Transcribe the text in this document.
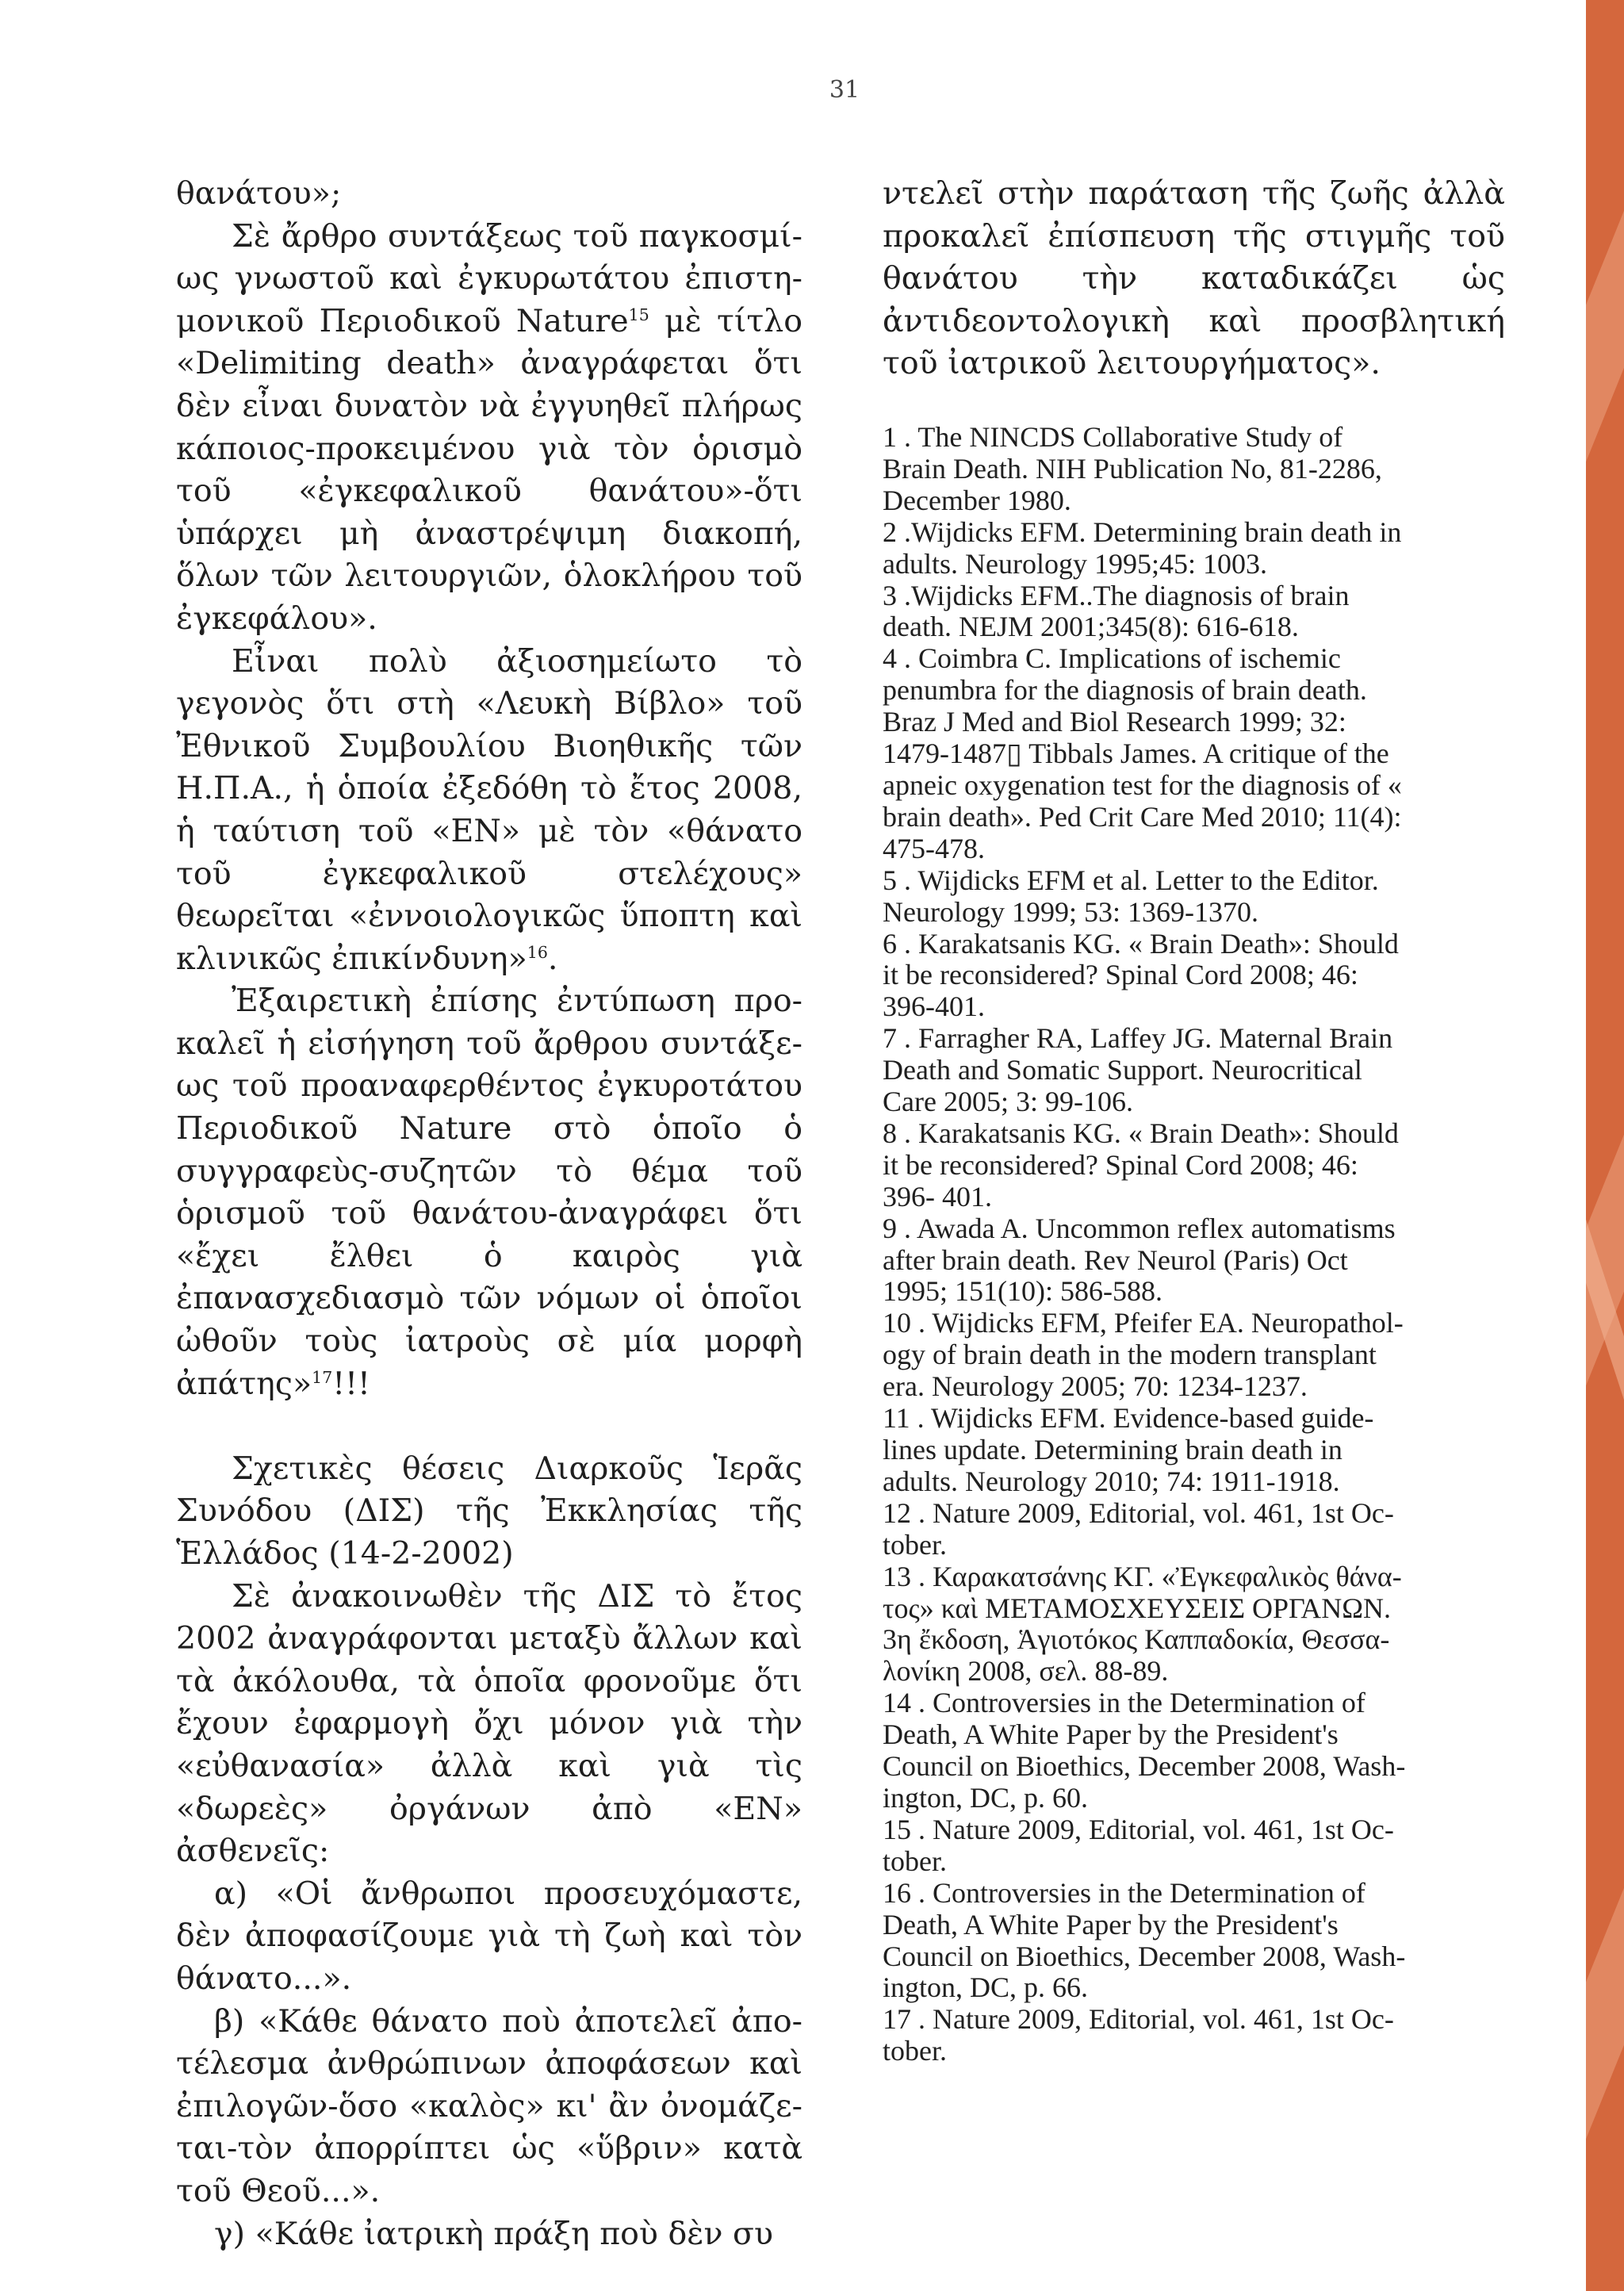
31

θανάτου»;

Σὲ ἄρθρο συντάξεως τοῦ παγκοσμίως γνωστοῦ καὶ ἐγκυρωτάτου ἐπιστημονικοῦ Περιοδικοῦ Nature$^{15}$ μὲ τίτλο «Delimiting death» ἀναγράφεται ὅτι δὲν εἶναι δυνατὸν νὰ ἐγγυηθεῖ πλήρως κάποιος-προκειμένου γιὰ τὸν ὁρισμὸ τοῦ «ἐγκεφαλικοῦ θανάτου»-ὅτι ὑπάρχει μὴ ἀναστρέψιμη διακοπή, ὅλων τῶν λειτουργιῶν, ὁλοκλήρου τοῦ ἐγκεφάλου».

Εἶναι πολὺ ἀξιοσημείωτο τὸ γεγονὸς ὅτι στὴ «Λευκὴ Βίβλο» τοῦ Ἐθνικοῦ Συμβουλίου Βιοηθικῆς τῶν Η.Π.Α., ἡ ὁποία ἐξεδόθη τὸ ἔτος 2008, ἡ ταύτιση τοῦ «ΕΝ» μὲ τὸν «θάνατο τοῦ ἐγκεφαλικοῦ στελέχους» θεωρεῖται «ἐννοιολογικῶς ὕποπτη καὶ κλινικῶς ἐπικίνδυνη»$^{16}$.

Ἐξαιρετικὴ ἐπίσης ἐντύπωση προκαλεῖ ἡ εἰσήγηση τοῦ ἄρθρου συντάξεως τοῦ προαναφερθέντος ἐγκυροτάτου Περιοδικοῦ Nature στὸ ὁποῖο ὁ συγγραφεὺς-συζητῶν τὸ θέμα τοῦ ὁρισμοῦ τοῦ θανάτου-ἀναγράφει ὅτι «ἔχει ἔλθει ὁ καιρὸς γιὰ ἐπανασχεδιασμὸ τῶν νόμων οἱ ὁποῖοι ὠθοῦν τοὺς ἰατροὺς σὲ μία μορφὴ ἀπάτης»$^{17}$!!!

Σχετικὲς θέσεις Διαρκοῦς Ἱερᾶς Συνόδου (ΔΙΣ) τῆς Ἐκκλησίας τῆς Ἑλλάδος (14-2-2002)

Σὲ ἀνακοινωθὲν τῆς ΔΙΣ τὸ ἔτος 2002 ἀναγράφονται μεταξὺ ἄλλων καὶ τὰ ἀκόλουθα, τὰ ὁποῖα φρονοῦμε ὅτι ἔχουν ἐφαρμογὴ ὄχι μόνον γιὰ τὴν «εὐθανασία» ἀλλὰ καὶ γιὰ τὶς «δωρεὲς» ὀργάνων ἀπὸ «ΕΝ» ἀσθενεῖς:

α) «Οἱ ἄνθρωποι προσευχόμαστε, δὲν ἀποφασίζουμε γιὰ τὴ ζωὴ καὶ τὸν θάνατο...».

β) «Κάθε θάνατο ποὺ ἀποτελεῖ ἀποτέλεσμα ἀνθρώπινων ἀποφάσεων καὶ ἐπιλογῶν-ὅσο «καλὸς» κι' ἂν ὀνομάζεται-τὸν ἀπορρίπτει ὡς «ὕβριν» κατὰ τοῦ Θεοῦ...».

γ) «Κάθε ἰατρικὴ πράξη ποὺ δὲν συ

ντελεῖ στὴν παράταση τῆς ζωῆς ἀλλὰ προκαλεῖ ἐπίσπευση τῆς στιγμῆς τοῦ θανάτου τὴν καταδικάζει ὡς ἀντιδεοντολογικὴ καὶ προσβλητική τοῦ ἰατρικοῦ λειτουργήματος».

1 . The NINCDS Collaborative Study of
Brain Death. NIH Publication No, 81-2286,
December 1980.

2 .Wijdicks EFM. Determining brain death in
adults. Neurology 1995;45: 1003.

3 .Wijdicks EFM..The diagnosis of brain
death. NEJM 2001;345(8): 616-618.

4 . Coimbra C. Implications of ischemic
penumbra for the diagnosis of brain death.
Braz J Med and Biol Research 1999; 32:
1479-1487▯ Tibbals James. A critique of the
apneic oxygenation test for the diagnosis of «
brain death». Ped Crit Care Med 2010; 11(4):
475-478.

5 . Wijdicks EFM et al. Letter to the Editor.
Neurology 1999; 53: 1369-1370.

6 . Karakatsanis KG. « Brain Death»: Should
it be reconsidered? Spinal Cord 2008; 46:
396-401.

7 . Farragher RA, Laffey JG. Maternal Brain
Death and Somatic Support. Neurocritical
Care 2005; 3: 99-106.

8 . Karakatsanis KG. « Brain Death»: Should
it be reconsidered? Spinal Cord 2008; 46:
396- 401.

9 . Awada A. Uncommon reflex automatisms
after brain death. Rev Neurol (Paris) Oct
1995; 151(10): 586-588.

10 . Wijdicks EFM, Pfeifer EA. Neuropathol-
ogy of brain death in the modern transplant
era. Neurology 2005; 70: 1234-1237.

11 . Wijdicks EFM. Evidence-based guide-
lines update. Determining brain death in
adults. Neurology 2010; 74: 1911-1918.

12 . Nature 2009, Editorial, vol. 461, 1st Oc-
tober.

13 . Καρακατσάνης ΚΓ. «Ἐγκεφαλικὸς θάνα-
τος» καὶ ΜΕΤΑΜΟΣΧΕΥΣΕΙΣ ΟΡΓΑΝΩΝ.
3η ἔκδοση, Ἁγιοτόκος Καππαδοκία, Θεσσα-
λονίκη 2008, σελ. 88-89.

14 . Controversies in the Determination of
Death, A White Paper by the President's
Council on Bioethics, December 2008, Wash-
ington, DC, p. 60.

15 . Nature 2009, Editorial, vol. 461, 1st Oc-
tober.

16 . Controversies in the Determination of
Death, A White Paper by the President's
Council on Bioethics, December 2008, Wash-
ington, DC, p. 66.

17 . Nature 2009, Editorial, vol. 461, 1st Oc-
tober.
